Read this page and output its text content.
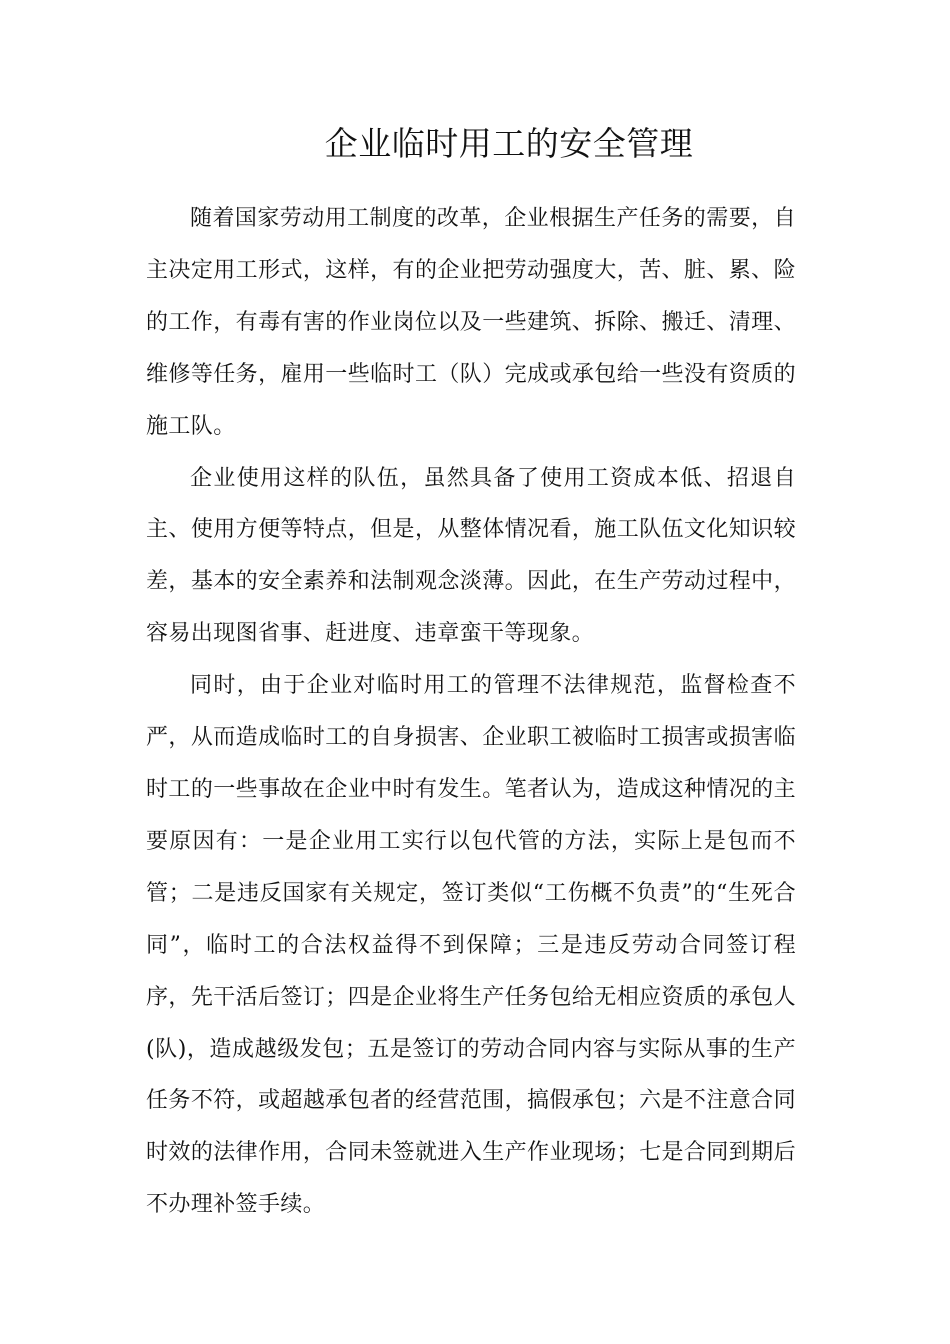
企业临时用工的安全管理

随着国家劳动用工制度的改革，企业根据生产任务的需要，自主决定用工形式，这样，有的企业把劳动强度大，苦、脏、累、险的工作，有毒有害的作业岗位以及一些建筑、拆除、搬迁、清理、维修等任务，雇用一些临时工（队）完成或承包给一些没有资质的施工队。

企业使用这样的队伍，虽然具备了使用工资成本低、招退自主、使用方便等特点，但是，从整体情况看，施工队伍文化知识较差，基本的安全素养和法制观念淡薄。因此，在生产劳动过程中，容易出现图省事、赶进度、违章蛮干等现象。

同时，由于企业对临时用工的管理不法律规范，监督检查不严，从而造成临时工的自身损害、企业职工被临时工损害或损害临时工的一些事故在企业中时有发生。笔者认为，造成这种情况的主要原因有：一是企业用工实行以包代管的方法，实际上是包而不管；二是违反国家有关规定，签订类似“工伤概不负责”的“生死合同”，临时工的合法权益得不到保障；三是违反劳动合同签订程序，先干活后签订；四是企业将生产任务包给无相应资质的承包人(队)，造成越级发包；五是签订的劳动合同内容与实际从事的生产任务不符，或超越承包者的经营范围，搞假承包；六是不注意合同时效的法律作用，合同未签就进入生产作业现场；七是合同到期后不办理补签手续。
